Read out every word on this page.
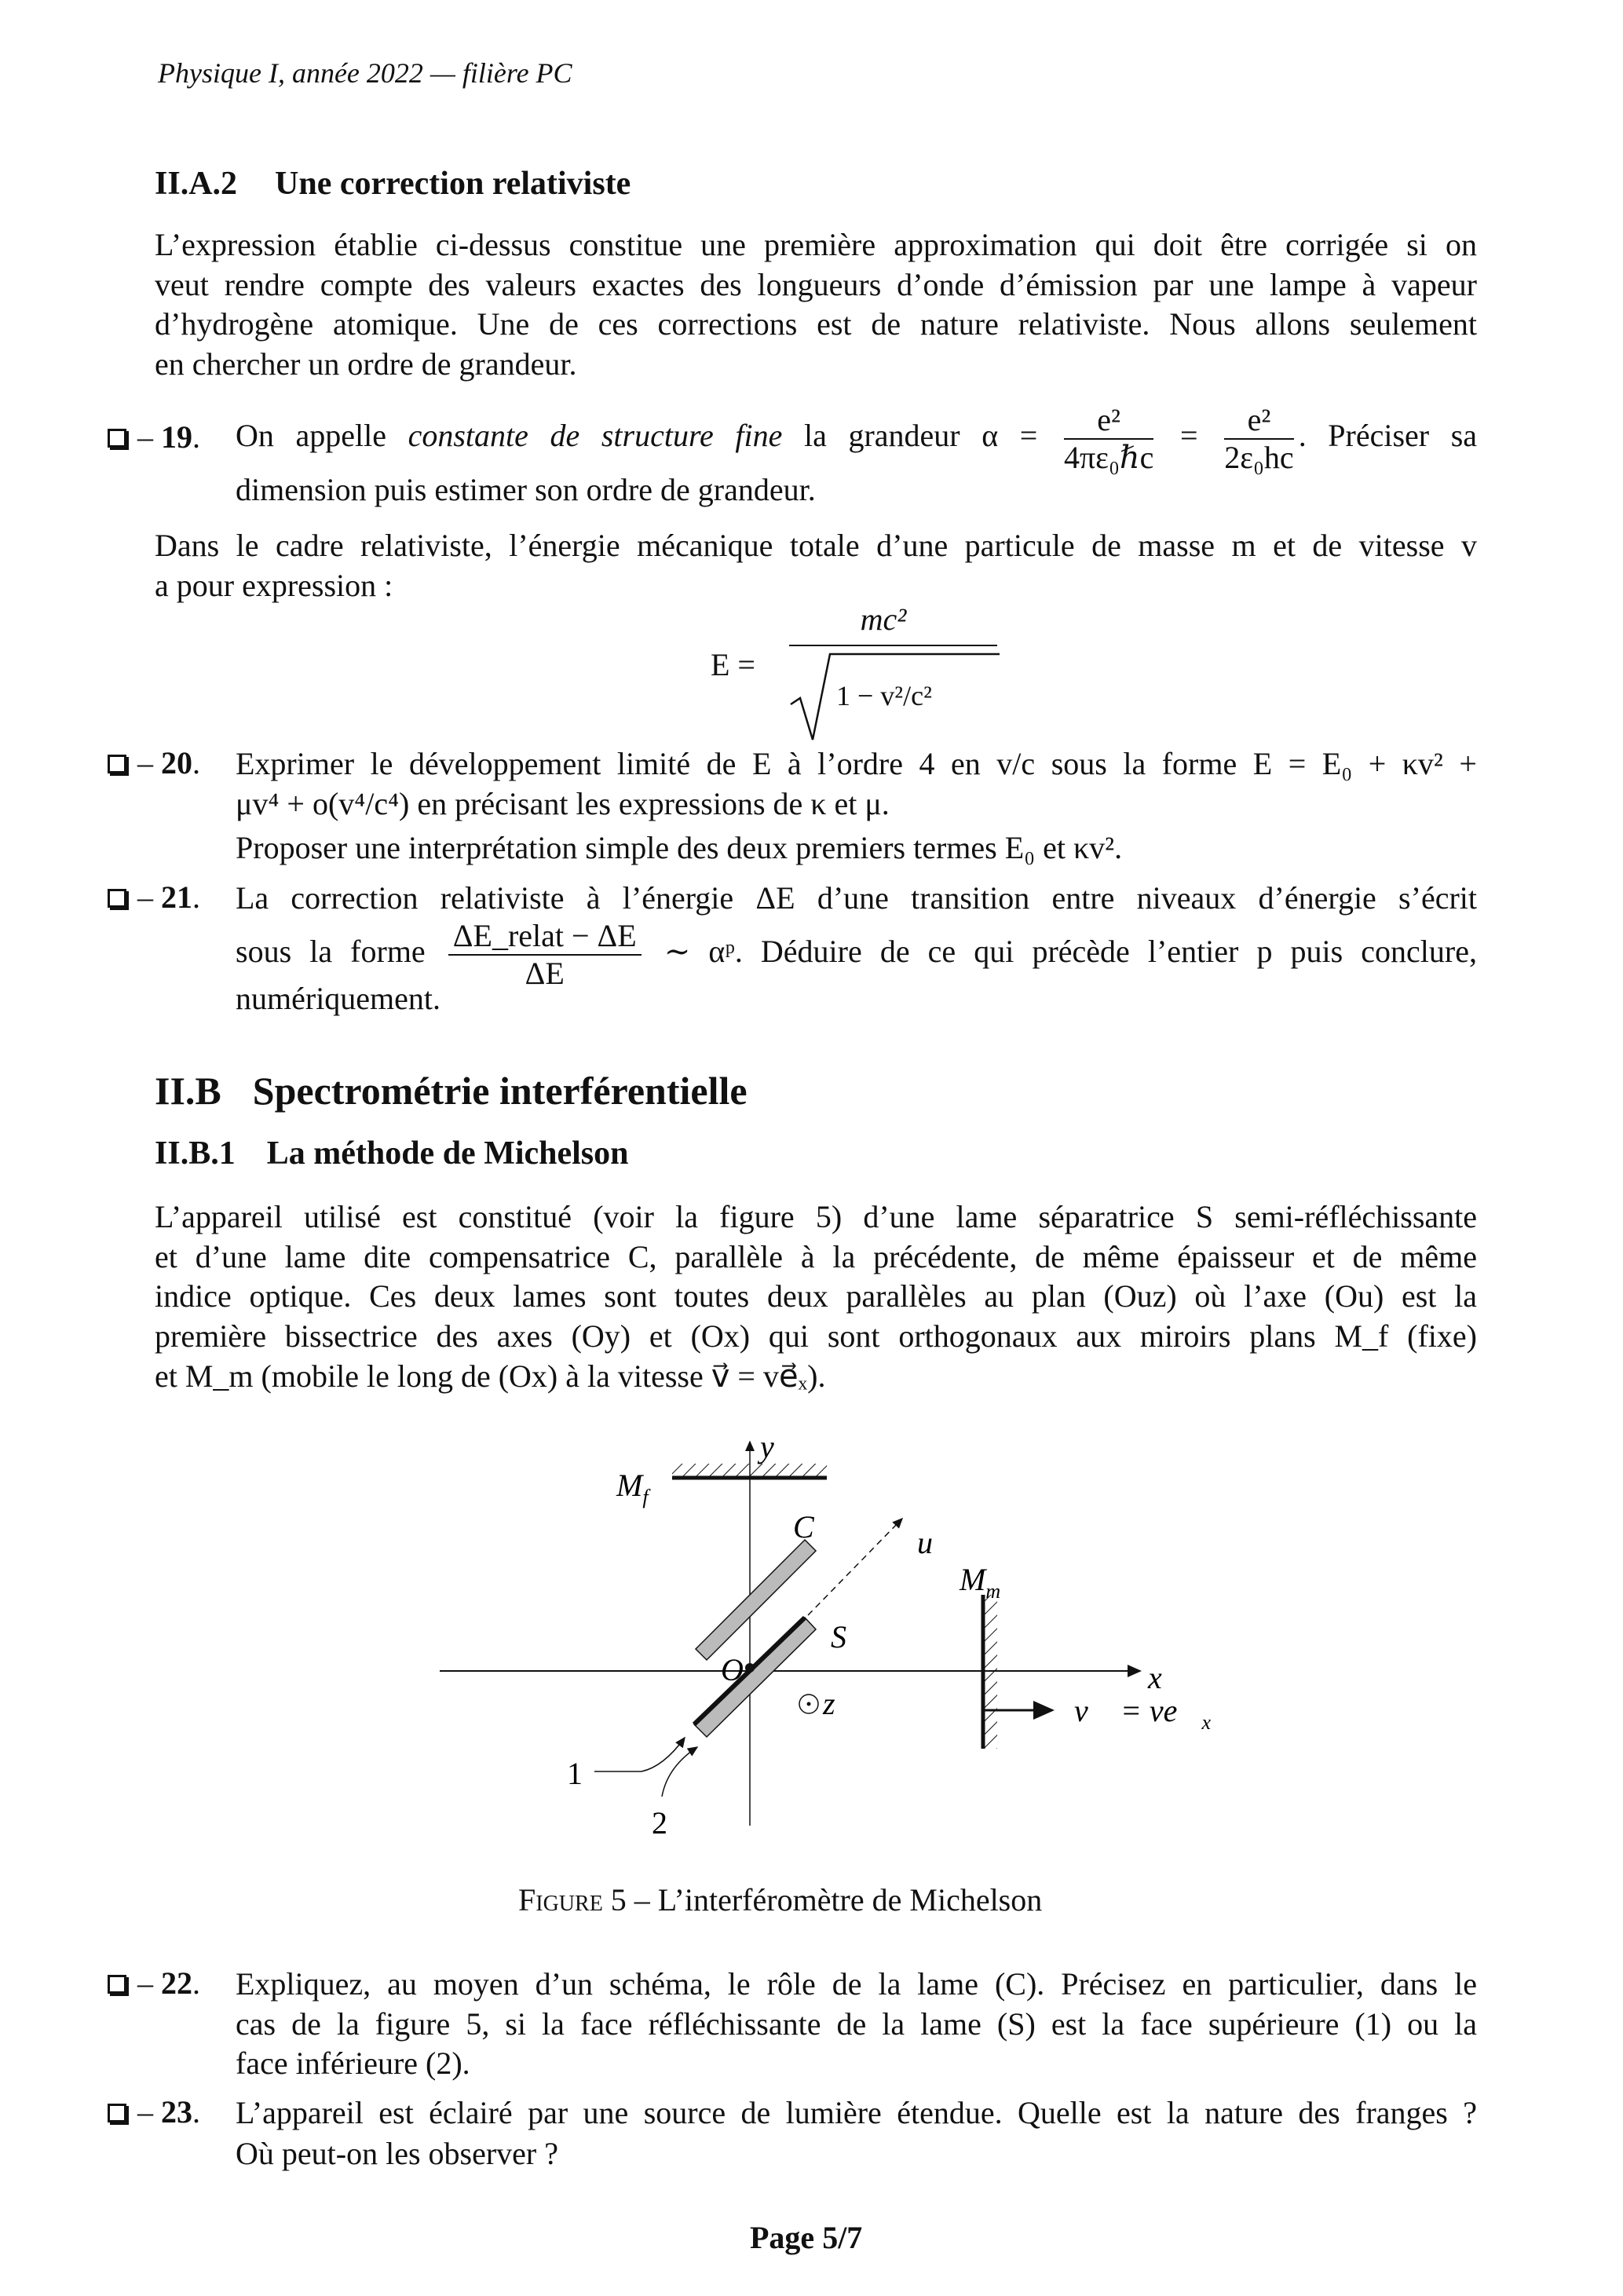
Physique I, année 2022 — filière PC
II.A.2 Une correction relativiste
L’expression établie ci-dessus constitue une première approximation qui doit être corrigée si on
veut rendre compte des valeurs exactes des longueurs d’onde d’émission par une lampe à vapeur
d’hydrogène atomique. Une de ces corrections est de nature relativiste. Nous allons seulement
en chercher un ordre de grandeur.
– 19. On appelle constante de structure fine la grandeur $\alpha = \frac{\text{e²}}{\text{4πε₀ℏc}} = \frac{\text{e²}}{\text{2ε₀hc}}$ . Préciser sa
dimension puis estimer son ordre de grandeur.
Dans le cadre relativiste, l’énergie mécanique totale d’une particule de masse m et de vitesse v
a pour expression :
E =
mc²
1 − v²/c²
– 20. Exprimer le développement limité de E à l’ordre 4 en v/c sous la forme E = E₀ + κv² +
μv⁴ + o(v⁴/c⁴) en précisant les expressions de κ et μ.
Proposer une interprétation simple des deux premiers termes E₀ et κv².
– 21. La correction relativiste à l’énergie ΔE d’une transition entre niveaux d’énergie s’écrit
sous la forme $\frac{\text{ΔE\_relat − ΔE}}{\Delta E}$ ∼ αᵖ. Déduire de ce qui précède l’entier p puis conclure,
numériquement.
II.B Spectrométrie interférentielle
II.B.1 La méthode de Michelson
L’appareil utilisé est constitué (voir la figure 5) d’une lame séparatrice S semi-réfléchissante
et d’une lame dite compensatrice C, parallèle à la précédente, de même épaisseur et de même
indice optique. Ces deux lames sont toutes deux parallèles au plan (Ouz) où l’axe (Ou) est la
première bissectrice des axes (Oy) et (Ox) qui sont orthogonaux aux miroirs plans M_f (fixe)
et M_m (mobile le long de (Ox) à la vitesse v⃗ = ve⃗ₓ).
y
x
u
z
O
C
S
$M_f$
$M_m$
v⃗ = $ve⃗_x$
1
2
Figure 5 – L’interféromètre de Michelson
– 22. Expliquez, au moyen d’un schéma, le rôle de la lame (C). Précisez en particulier, dans le
cas de la figure 5, si la face réfléchissante de la lame (S) est la face supérieure (1) ou la
face inférieure (2).
– 23. L’appareil est éclairé par une source de lumière étendue. Quelle est la nature des franges ?
Où peut-on les observer ?
Page 5/7
